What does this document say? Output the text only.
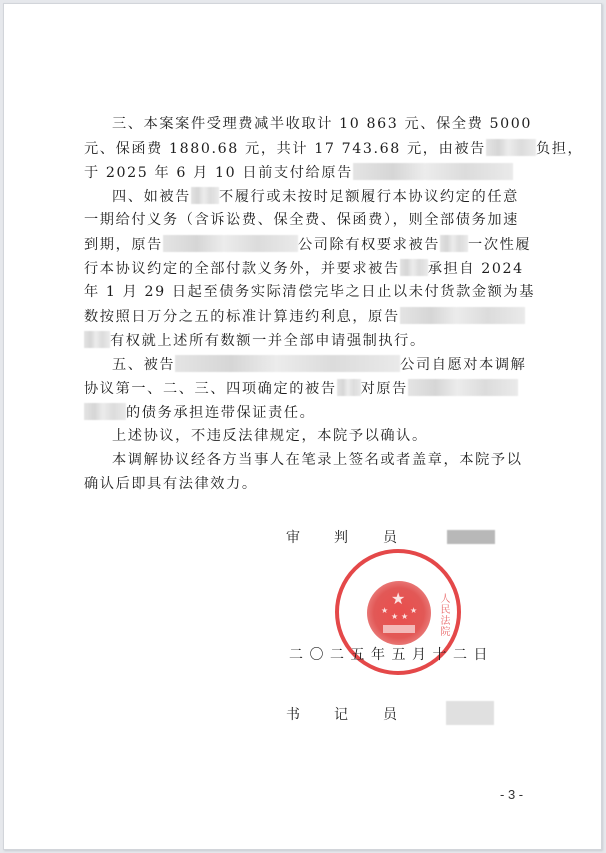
三、本案案件受理费减半收取计 10 863 元、保全费 5000
元、保函费 1880.68 元，共计 17 743.68 元，由被告	负担，
于 2025 年 6 月 10 日前支付给原告
四、如被告 不履行或未按时足额履行本协议约定的任意
一期给付义务（含诉讼费、保全费、保函费），则全部债务加速
到期，原告	公司除有权要求被告 一次性履
行本协议约定的全部付款义务外，并要求被告 承担自 2024
年 1 月 29 日起至债务实际清偿完毕之日止以未付货款金额为基
数按照日万分之五的标准计算违约利息，原告
有权就上述所有数额一并全部申请强制执行。
五、被告	公司自愿对本调解
协议第一、二、三、四项确定的被告 对原告
的债务承担连带保证责任。
上述协议，不违反法律规定，本院予以确认。
本调解协议经各方当事人在笔录上签名或者盖章，本院予以
确认后即具有法律效力。
审 判	员
★
★
★ ★
★ 人民法院
二〇二五年五月十二日
书 记	员
- 3 -
